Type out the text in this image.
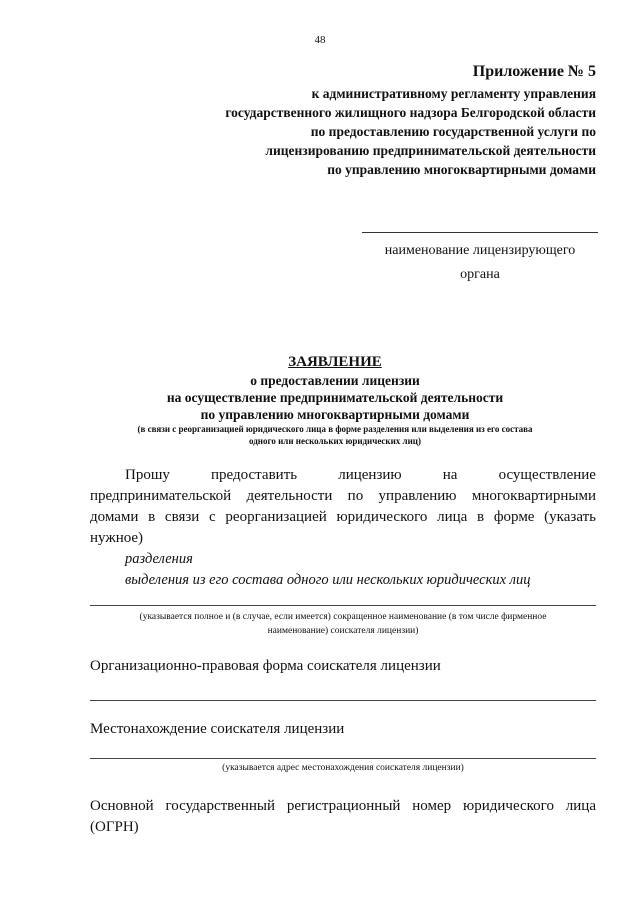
48
Приложение № 5
к административному регламенту управления
государственного жилищного надзора Белгородской области
по предоставлению государственной услуги по
лицензированию предпринимательской деятельности
по управлению многоквартирными домами
наименование лицензирующего
органа
ЗАЯВЛЕНИЕ
о предоставлении лицензии
на осуществление предпринимательской деятельности
по управлению многоквартирными домами
(в связи с реорганизацией юридического лица в форме разделения или выделения из его состава
одного или нескольких юридических лиц)
Прошу	предоставить	лицензию	на	осуществление
предпринимательской деятельности по управлению многоквартирными
домами в связи с реорганизацией юридического лица в форме (указать
нужное)
разделения
выделения из его состава одного или нескольких юридических лиц
(указывается полное и (в случае, если имеется) сокращенное наименование (в том числе фирменное
наименование) соискателя лицензии)
Организационно-правовая форма соискателя лицензии
Местонахождение соискателя лицензии
(указывается адрес местонахождения соискателя лицензии)
Основной государственный регистрационный номер юридического лица
(ОГРН)
